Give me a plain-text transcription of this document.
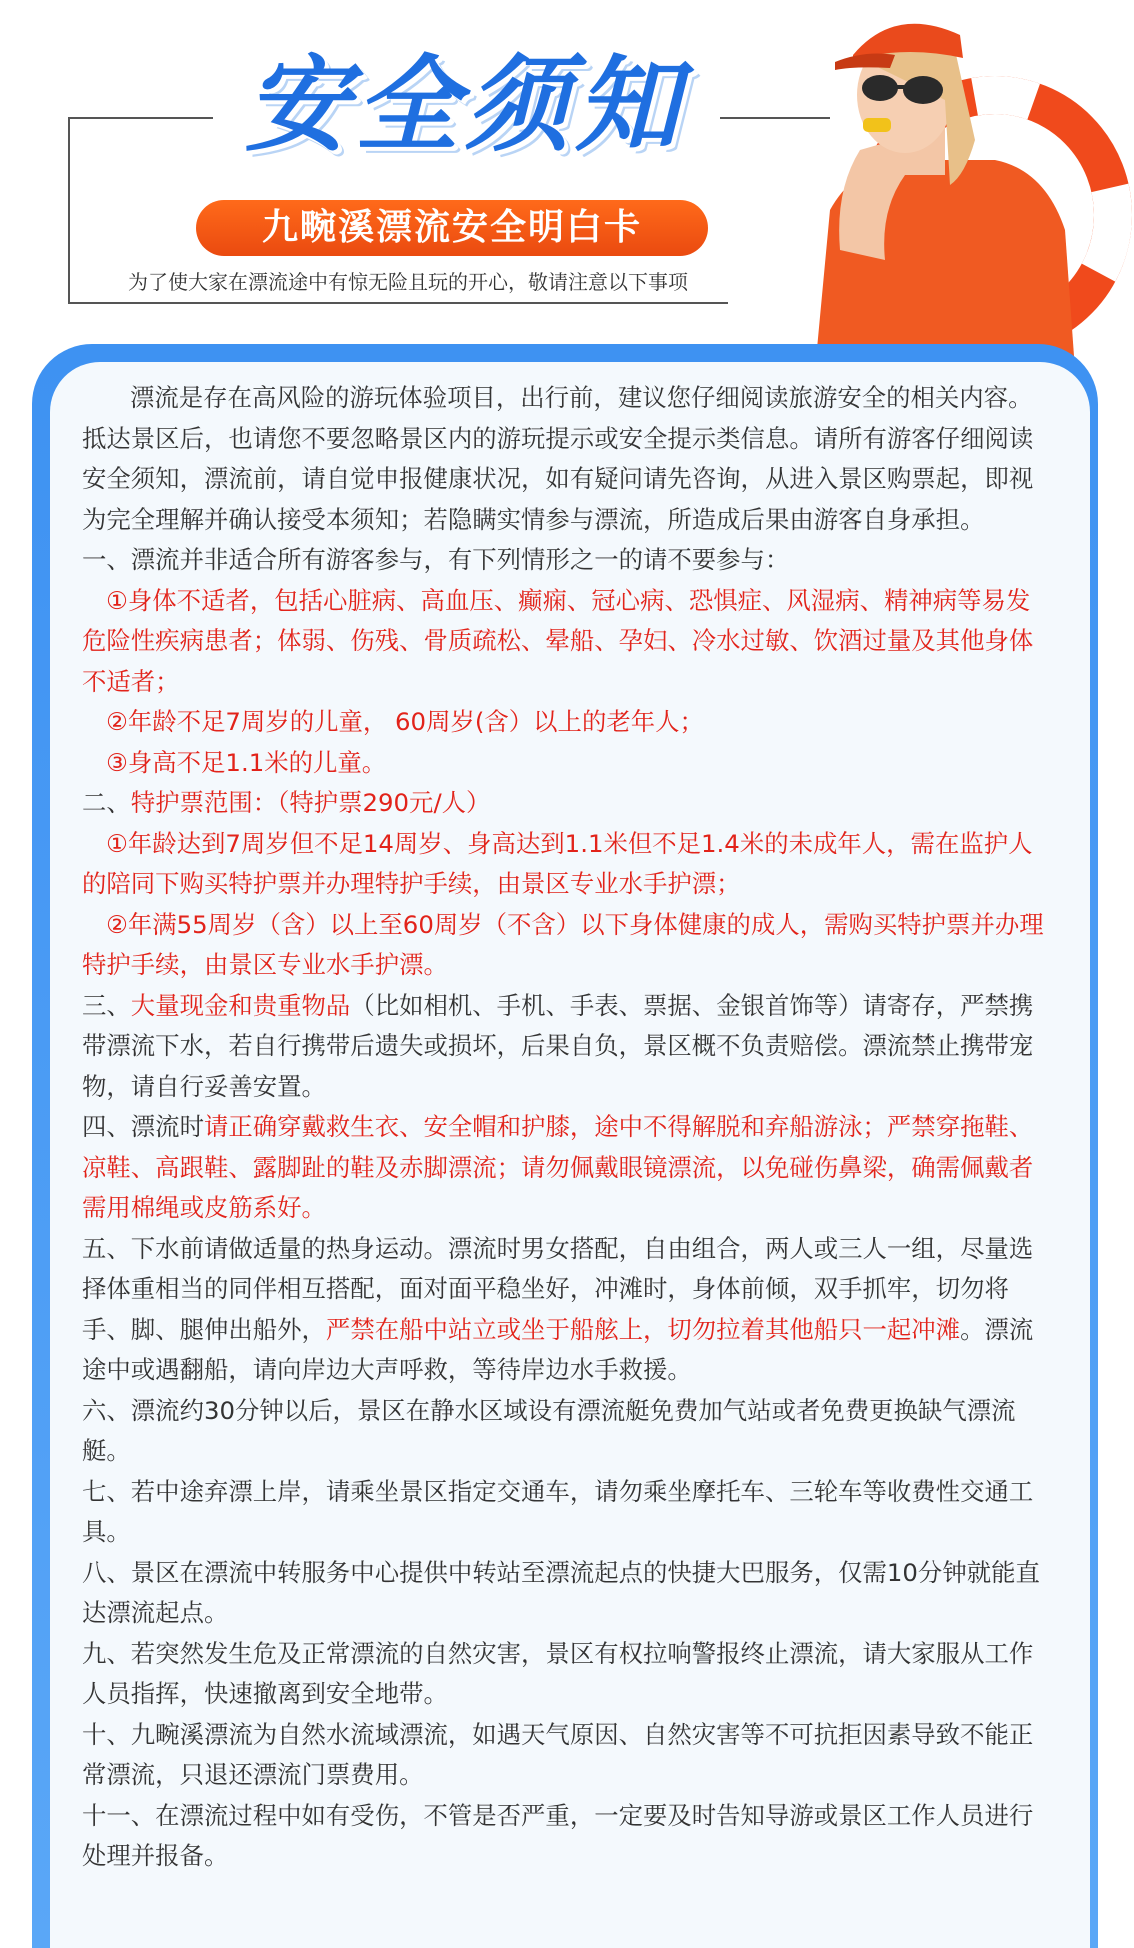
安全须知
九畹溪漂流安全明白卡
为了使大家在漂流途中有惊无险且玩的开心，敬请注意以下事项

漂流是存在高风险的游玩体验项目，出行前，建议您仔细阅读旅游安全的相关内容。抵达景区后，也请您不要忽略景区内的游玩提示或安全提示类信息。请所有游客仔细阅读安全须知，漂流前，请自觉申报健康状况，如有疑问请先咨询，从进入景区购票起，即视为完全理解并确认接受本须知；若隐瞒实情参与漂流，所造成后果由游客自身承担。

一、漂流并非适合所有游客参与，有下列情形之一的请不要参与：

①身体不适者，包括心脏病、高血压、癫痫、冠心病、恐惧症、风湿病、精神病等易发危险性疾病患者；体弱、伤残、骨质疏松、晕船、孕妇、冷水过敏、饮酒过量及其他身体不适者；

②年龄不足7周岁的儿童， 60周岁(含）以上的老年人；

③身高不足1.1米的儿童。

二、特护票范围：（特护票290元/人）

①年龄达到7周岁但不足14周岁、身高达到1.1米但不足1.4米的未成年人，需在监护人的陪同下购买特护票并办理特护手续，由景区专业水手护漂；

②年满55周岁（含）以上至60周岁（不含）以下身体健康的成人，需购买特护票并办理特护手续，由景区专业水手护漂。

三、大量现金和贵重物品（比如相机、手机、手表、票据、金银首饰等）请寄存，严禁携带漂流下水，若自行携带后遗失或损坏，后果自负，景区概不负责赔偿。漂流禁止携带宠物，请自行妥善安置。

四、漂流时请正确穿戴救生衣、安全帽和护膝，途中不得解脱和弃船游泳；严禁穿拖鞋、凉鞋、高跟鞋、露脚趾的鞋及赤脚漂流；请勿佩戴眼镜漂流，以免碰伤鼻梁，确需佩戴者需用棉绳或皮筋系好。

五、下水前请做适量的热身运动。漂流时男女搭配，自由组合，两人或三人一组，尽量选择体重相当的同伴相互搭配，面对面平稳坐好，冲滩时，身体前倾，双手抓牢，切勿将手、脚、腿伸出船外，严禁在船中站立或坐于船舷上，切勿拉着其他船只一起冲滩。漂流途中或遇翻船，请向岸边大声呼救，等待岸边水手救援。

六、漂流约30分钟以后，景区在静水区域设有漂流艇免费加气站或者免费更换缺气漂流艇。

七、若中途弃漂上岸，请乘坐景区指定交通车，请勿乘坐摩托车、三轮车等收费性交通工具。

八、景区在漂流中转服务中心提供中转站至漂流起点的快捷大巴服务，仅需10分钟就能直达漂流起点。

九、若突然发生危及正常漂流的自然灾害，景区有权拉响警报终止漂流，请大家服从工作人员指挥，快速撤离到安全地带。

十、九畹溪漂流为自然水流域漂流，如遇天气原因、自然灾害等不可抗拒因素导致不能正常漂流，只退还漂流门票费用。

十一、在漂流过程中如有受伤，不管是否严重，一定要及时告知导游或景区工作人员进行处理并报备。
